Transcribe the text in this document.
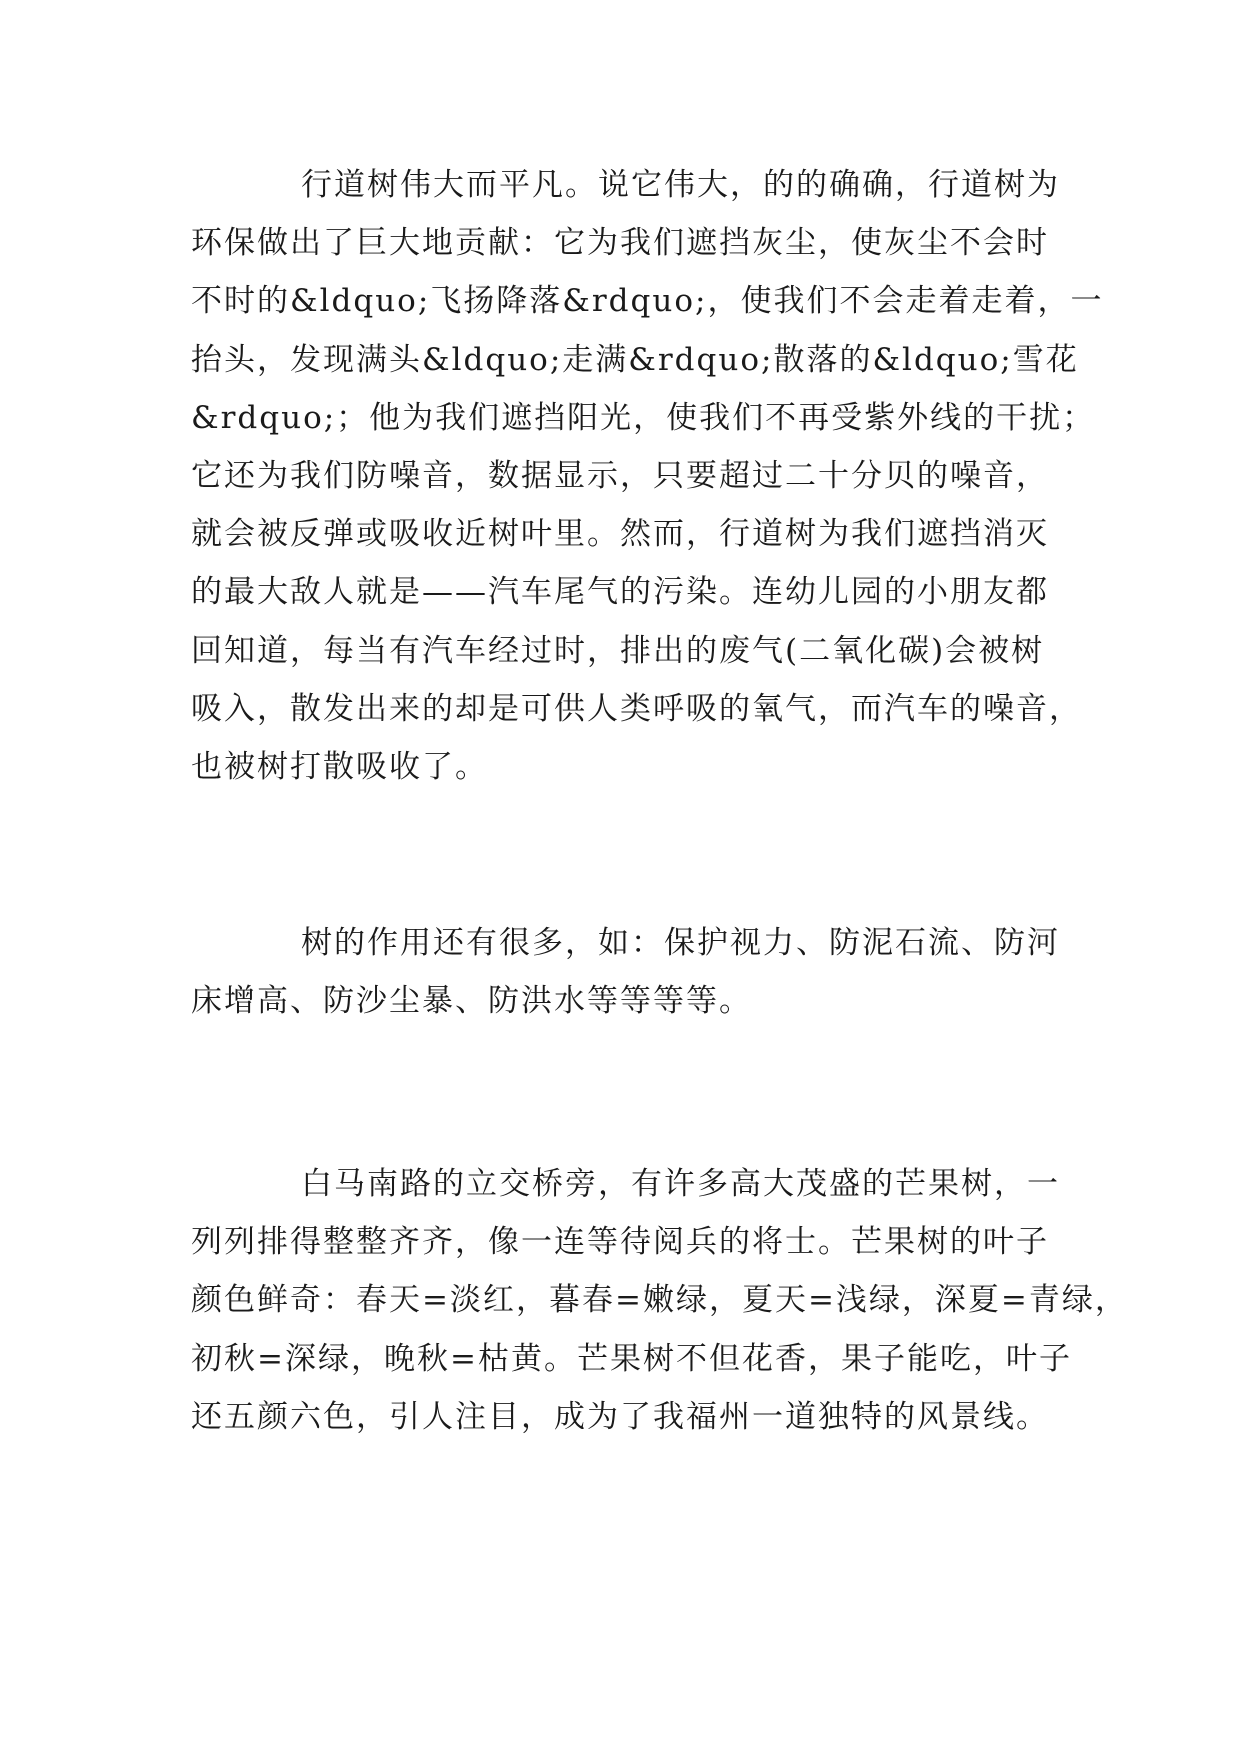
行道树伟大而平凡。说它伟大，的的确确，行道树为
环保做出了巨大地贡献：它为我们遮挡灰尘，使灰尘不会时
不时的&ldquo;飞扬降落&rdquo;，使我们不会走着走着，一
抬头，发现满头&ldquo;走满&rdquo;散落的&ldquo;雪花
&rdquo;；他为我们遮挡阳光，使我们不再受紫外线的干扰；
它还为我们防噪音，数据显示，只要超过二十分贝的噪音，
就会被反弹或吸收近树叶里。然而，行道树为我们遮挡消灭
的最大敌人就是——汽车尾气的污染。连幼儿园的小朋友都
回知道，每当有汽车经过时，排出的废气(二氧化碳)会被树
吸入，散发出来的却是可供人类呼吸的氧气，而汽车的噪音，
也被树打散吸收了。

树的作用还有很多，如：保护视力、防泥石流、防河
床增高、防沙尘暴、防洪水等等等等。

白马南路的立交桥旁，有许多高大茂盛的芒果树，一
列列排得整整齐齐，像一连等待阅兵的将士。芒果树的叶子
颜色鲜奇：春天=淡红，暮春=嫩绿，夏天=浅绿，深夏=青绿，
初秋=深绿，晚秋=枯黄。芒果树不但花香，果子能吃，叶子
还五颜六色，引人注目，成为了我福州一道独特的风景线。
